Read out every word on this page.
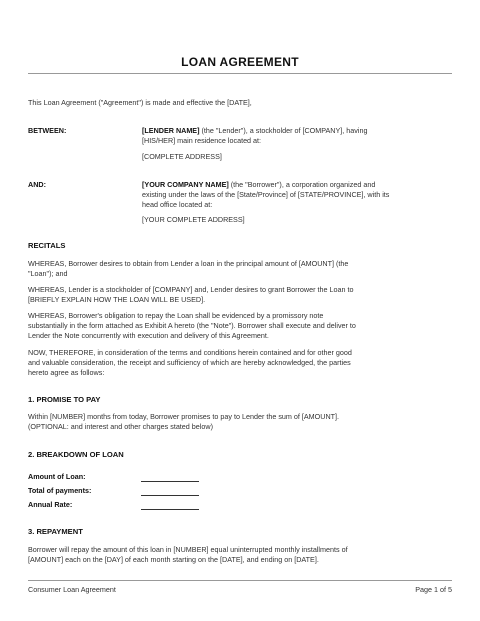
LOAN AGREEMENT
This Loan Agreement ("Agreement") is made and effective the [DATE],
BETWEEN:	[LENDER NAME] (the "Lender"), a stockholder of [COMPANY], having
[HIS/HER] main residence located at:
[COMPLETE ADDRESS]
AND:	[YOUR COMPANY NAME] (the "Borrower"), a corporation organized and
existing under the laws of the [State/Province] of [STATE/PROVINCE], with its
head office located at:
[YOUR COMPLETE ADDRESS]
RECITALS
WHEREAS, Borrower desires to obtain from Lender a loan in the principal amount of [AMOUNT] (the
"Loan"); and
WHEREAS, Lender is a stockholder of [COMPANY] and, Lender desires to grant Borrower the Loan to
[BRIEFLY EXPLAIN HOW THE LOAN WILL BE USED].
WHEREAS, Borrower's obligation to repay the Loan shall be evidenced by a promissory note
substantially in the form attached as Exhibit A hereto (the "Note"). Borrower shall execute and deliver to
Lender the Note concurrently with execution and delivery of this Agreement.
NOW, THEREFORE, in consideration of the terms and conditions herein contained and for other good
and valuable consideration, the receipt and sufficiency of which are hereby acknowledged, the parties
hereto agree as follows:
1. PROMISE TO PAY
Within [NUMBER] months from today, Borrower promises to pay to Lender the sum of [AMOUNT].
(OPTIONAL: and interest and other charges stated below)
2. BREAKDOWN OF LOAN
Amount of Loan:
Total of payments:
Annual Rate:
3. REPAYMENT
Borrower will repay the amount of this loan in [NUMBER] equal uninterrupted monthly installments of
[AMOUNT] each on the [DAY] of each month starting on the [DATE], and ending on [DATE].
Consumer Loan Agreement	Page 1 of 5
